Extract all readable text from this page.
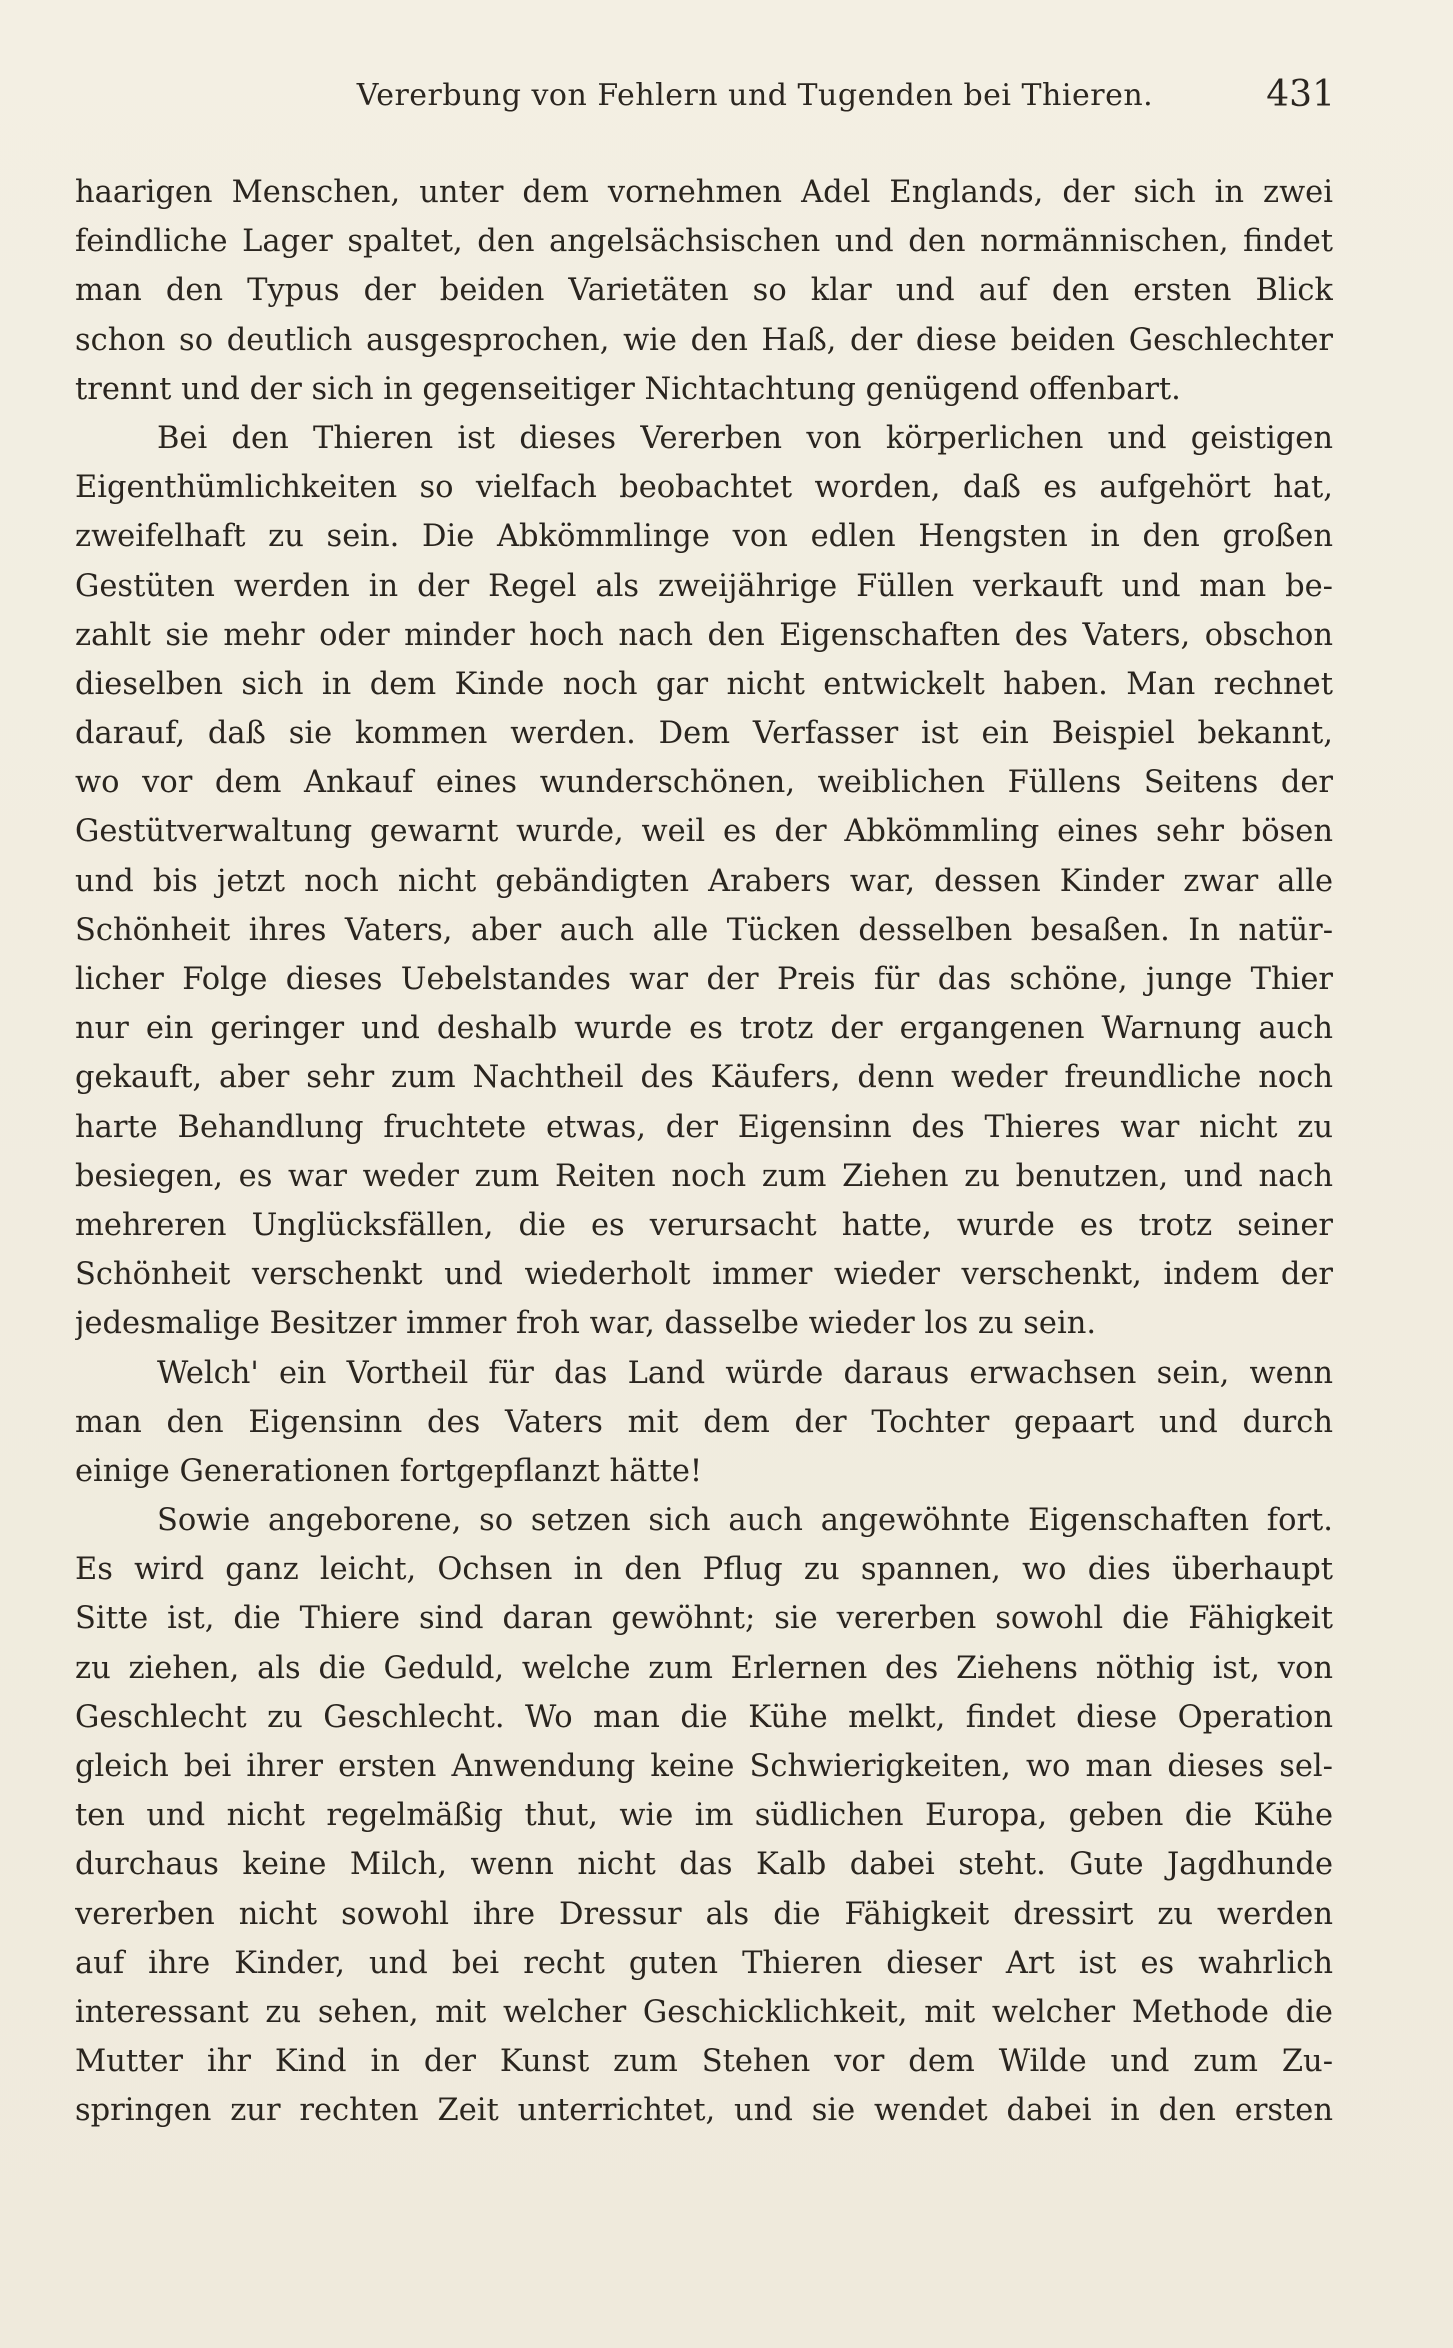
Vererbung von Fehlern und Tugenden bei Thieren.	431
haarigen Menschen, unter dem vornehmen Adel Englands, der sich in zwei
feindliche Lager spaltet, den angelsächsischen und den normännischen, findet
man den Typus der beiden Varietäten so klar und auf den ersten Blick
schon so deutlich ausgesprochen, wie den Haß, der diese beiden Geschlechter
trennt und der sich in gegenseitiger Nichtachtung genügend offenbart.
Bei den Thieren ist dieses Vererben von körperlichen und geistigen
Eigenthümlichkeiten so vielfach beobachtet worden, daß es aufgehört hat,
zweifelhaft zu sein. Die Abkömmlinge von edlen Hengsten in den großen
Gestüten werden in der Regel als zweijährige Füllen verkauft und man be-
zahlt sie mehr oder minder hoch nach den Eigenschaften des Vaters, obschon
dieselben sich in dem Kinde noch gar nicht entwickelt haben. Man rechnet
darauf, daß sie kommen werden. Dem Verfasser ist ein Beispiel bekannt,
wo vor dem Ankauf eines wunderschönen, weiblichen Füllens Seitens der
Gestütverwaltung gewarnt wurde, weil es der Abkömmling eines sehr bösen
und bis jetzt noch nicht gebändigten Arabers war, dessen Kinder zwar alle
Schönheit ihres Vaters, aber auch alle Tücken desselben besaßen. In natür-
licher Folge dieses Uebelstandes war der Preis für das schöne, junge Thier
nur ein geringer und deshalb wurde es trotz der ergangenen Warnung auch
gekauft, aber sehr zum Nachtheil des Käufers, denn weder freundliche noch
harte Behandlung fruchtete etwas, der Eigensinn des Thieres war nicht zu
besiegen, es war weder zum Reiten noch zum Ziehen zu benutzen, und nach
mehreren Unglücksfällen, die es verursacht hatte, wurde es trotz seiner
Schönheit verschenkt und wiederholt immer wieder verschenkt, indem der
jedesmalige Besitzer immer froh war, dasselbe wieder los zu sein.
Welch' ein Vortheil für das Land würde daraus erwachsen sein, wenn
man den Eigensinn des Vaters mit dem der Tochter gepaart und durch
einige Generationen fortgepflanzt hätte!
Sowie angeborene, so setzen sich auch angewöhnte Eigenschaften fort.
Es wird ganz leicht, Ochsen in den Pflug zu spannen, wo dies überhaupt
Sitte ist, die Thiere sind daran gewöhnt; sie vererben sowohl die Fähigkeit
zu ziehen, als die Geduld, welche zum Erlernen des Ziehens nöthig ist, von
Geschlecht zu Geschlecht. Wo man die Kühe melkt, findet diese Operation
gleich bei ihrer ersten Anwendung keine Schwierigkeiten, wo man dieses sel-
ten und nicht regelmäßig thut, wie im südlichen Europa, geben die Kühe
durchaus keine Milch, wenn nicht das Kalb dabei steht. Gute Jagdhunde
vererben nicht sowohl ihre Dressur als die Fähigkeit dressirt zu werden
auf ihre Kinder, und bei recht guten Thieren dieser Art ist es wahrlich
interessant zu sehen, mit welcher Geschicklichkeit, mit welcher Methode die
Mutter ihr Kind in der Kunst zum Stehen vor dem Wilde und zum Zu-
springen zur rechten Zeit unterrichtet, und sie wendet dabei in den ersten
